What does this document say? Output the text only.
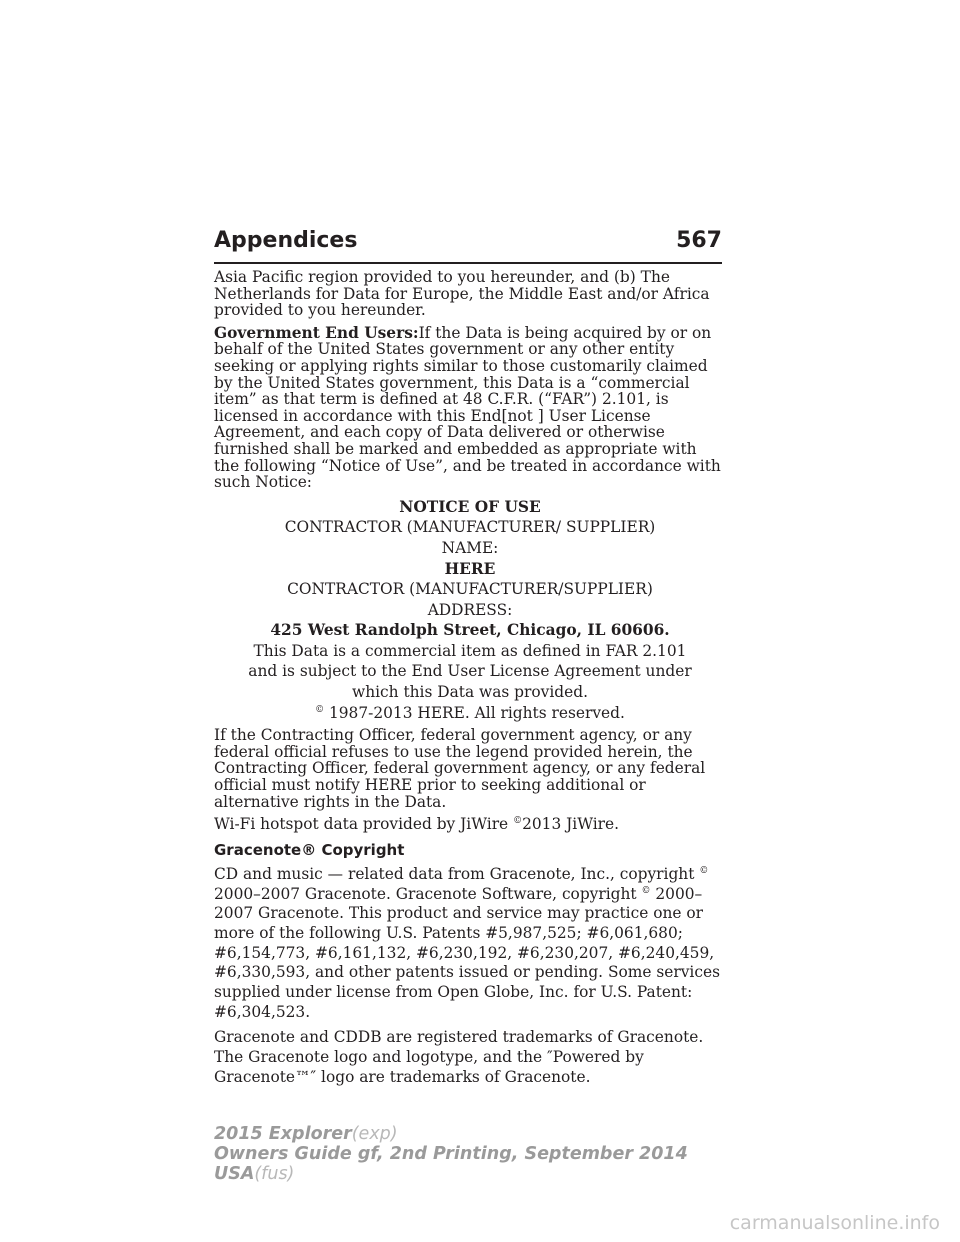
Appendices	567

Asia Pacific region provided to you hereunder, and (b) The Netherlands for Data for Europe, the Middle East and/or Africa provided to you hereunder.

Government End Users:If the Data is being acquired by or on behalf of the United States government or any other entity seeking or applying rights similar to those customarily claimed by the United States government, this Data is a “commercial item” as that term is defined at 48 C.F.R. (“FAR”) 2.101, is licensed in accordance with this End[not ] User License Agreement, and each copy of Data delivered or otherwise furnished shall be marked and embedded as appropriate with the following “Notice of Use”, and be treated in accordance with such Notice:

NOTICE OF USE
CONTRACTOR (MANUFACTURER/ SUPPLIER)
NAME:
HERE
CONTRACTOR (MANUFACTURER/SUPPLIER)
ADDRESS:
425 West Randolph Street, Chicago, IL 60606.
This Data is a commercial item as defined in FAR 2.101
and is subject to the End User License Agreement under
which this Data was provided.
© 1987-2013 HERE. All rights reserved.

If the Contracting Officer, federal government agency, or any federal official refuses to use the legend provided herein, the Contracting Officer, federal government agency, or any federal official must notify HERE prior to seeking additional or alternative rights in the Data.

Wi-Fi hotspot data provided by JiWire ©2013 JiWire.

Gracenote® Copyright

CD and music — related data from Gracenote, Inc., copyright © 2000–2007 Gracenote. Gracenote Software, copyright © 2000–2007 Gracenote. This product and service may practice one or more of the following U.S. Patents #5,987,525; #6,061,680; #6,154,773, #6,161,132, #6,230,192, #6,230,207, #6,240,459, #6,330,593, and other patents issued or pending. Some services supplied under license from Open Globe, Inc. for U.S. Patent: #6,304,523.

Gracenote and CDDB are registered trademarks of Gracenote. The Gracenote logo and logotype, and the ″Powered by Gracenote™″ logo are trademarks of Gracenote.

2015 Explorer(exp)
Owners Guide gf, 2nd Printing, September 2014
USA(fus)
carmanualsonline.info
